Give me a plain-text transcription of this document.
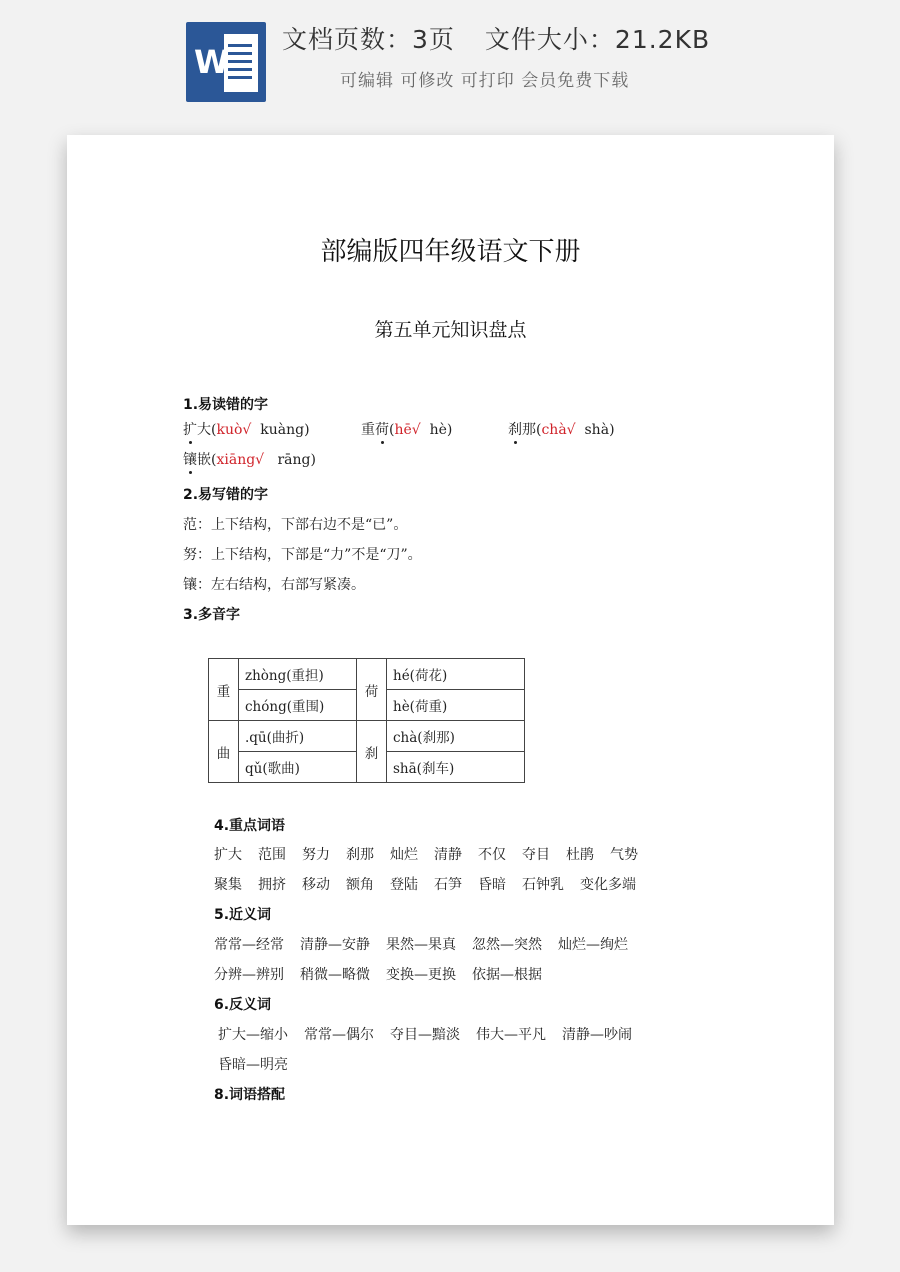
W
文档页数：3页 文件大小：21.2KB
可编辑 可修改 可打印 会员免费下载
部编版四年级语文下册
第五单元知识盘点
1.易读错的字
扩大(kuò√ kuàng)	重荷(hē√ hè)	刹那(chà√ shà)
镶嵌(xiāng√ rāng)
2.易写错的字
范：上下结构，下部右边不是“已”。
努：上下结构，下部是“力”不是“刀”。
镶：左右结构，右部写紧凑。
3.多音字
重	zhòng(重担)	荷	hé(荷花)
	chóng(重围)		hè(荷重)
曲	.qū(曲折)	刹	chà(刹那)
	qǔ(歌曲)		shā(刹车)
4.重点词语
扩大 范围 努力 刹那 灿烂 清静 不仅 夺目 杜鹃 气势
聚集 拥挤 移动 额角 登陆 石笋 昏暗 石钟乳 变化多端
5.近义词
常常—经常 清静—安静 果然—果真 忽然—突然 灿烂—绚烂
分辨—辨别 稍微—略微 变换—更换 依据—根据
6.反义词
扩大—缩小 常常—偶尔 夺目—黯淡 伟大—平凡 清静—吵闹
昏暗—明亮
8.词语搭配
